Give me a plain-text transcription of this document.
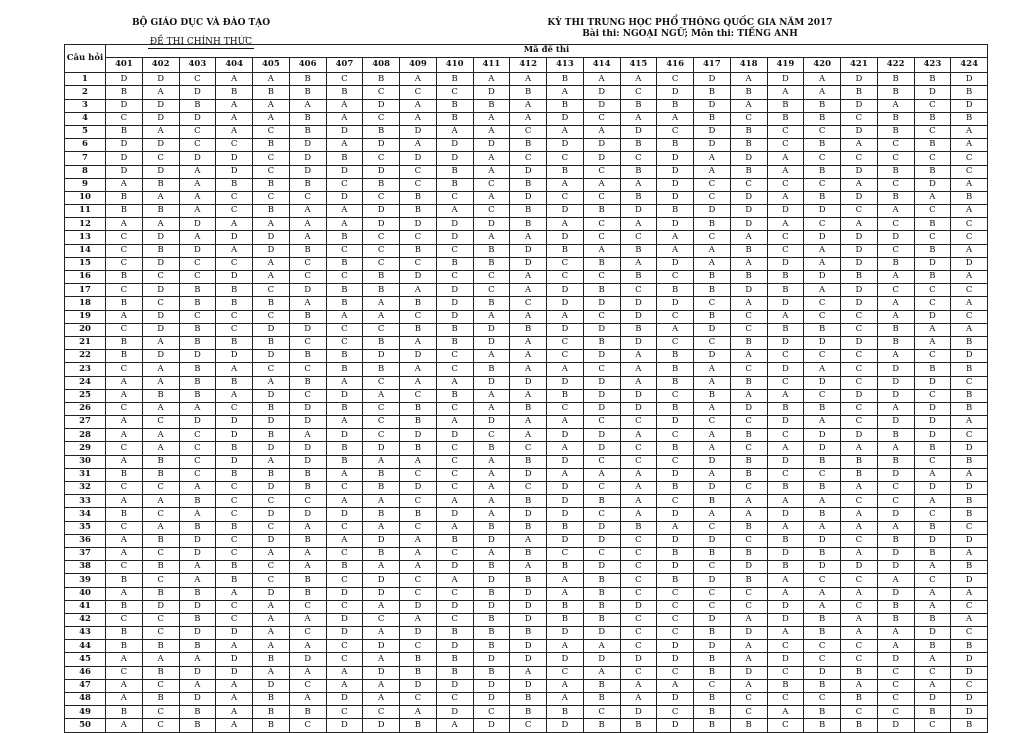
BỘ GIÁO DỤC VÀ ĐÀO TẠO
ĐỀ THI CHÍNH THỨC
KỲ THI TRUNG HỌC PHỔ THÔNG QUỐC GIA NĂM 2017
Bài thi: NGOẠI NGỮ; Môn thi: TIẾNG ANH
Câu hỏi	Mã đề thi																							
	401	402	403	404	405	406	407	408	409	410	411	412	413	414	415	416	417	418	419	420	421	422	423	424
1	D	D	C	A	A	B	C	B	A	B	A	A	B	A	A	C	D	A	D	A	D	B	B	D
2	B	A	D	B	B	B	B	C	C	C	D	B	A	D	C	D	B	B	A	A	B	B	D	B
3	D	D	B	A	A	A	A	D	A	B	B	A	B	D	B	B	D	A	B	B	D	A	C	D
4	C	D	D	A	A	B	A	C	A	B	A	A	D	C	A	A	B	C	B	B	C	B	B	B
5	B	A	C	A	C	B	D	B	D	A	A	C	A	A	D	C	D	B	C	C	D	B	C	A
6	D	D	C	C	B	D	A	D	A	D	D	B	D	D	B	B	D	B	C	B	A	C	B	A
7	D	C	D	D	C	D	B	C	D	D	A	C	C	D	C	D	A	D	A	C	C	C	C	C
8	D	D	A	D	C	D	D	D	C	B	A	D	B	C	B	D	A	B	A	B	D	B	B	C
9	A	B	A	B	B	B	C	B	C	B	C	B	A	A	A	D	C	C	C	C	A	C	D	A
10	B	A	A	C	C	C	D	C	B	C	A	D	C	C	B	D	C	D	A	B	D	B	A	B
11	B	B	A	C	B	A	A	D	B	A	C	B	D	B	D	B	D	D	D	D	C	A	C	A
12	A	A	D	A	A	A	A	D	D	D	D	B	A	C	A	D	B	D	A	C	A	C	B	C
13	C	D	A	D	D	A	B	C	C	D	A	A	D	C	C	A	C	A	C	D	D	D	C	C
14	C	B	D	A	D	B	C	C	B	C	B	D	B	A	B	A	A	B	C	A	D	C	B	A
15	C	D	C	C	A	C	B	C	C	B	B	D	C	B	A	D	A	A	D	A	D	B	D	D
16	B	C	C	D	A	C	C	B	D	C	C	A	C	C	B	C	B	B	B	D	B	A	B	A
17	C	D	B	B	C	D	B	B	A	D	C	A	D	B	C	B	B	D	B	A	D	C	C	C
18	B	C	B	B	B	A	B	A	B	D	B	C	D	D	D	D	C	A	D	C	D	A	C	A
19	A	D	C	C	C	B	A	A	C	D	A	A	A	C	D	C	B	C	A	C	C	A	D	C
20	C	D	B	C	D	D	C	C	B	B	D	B	D	D	B	A	D	C	B	B	C	B	A	A
21	B	A	B	B	B	C	C	B	A	B	D	A	C	B	D	C	C	B	D	D	D	B	A	B
22	B	D	D	D	D	B	B	D	D	C	A	A	C	D	A	B	D	A	C	C	C	A	C	D
23	C	A	B	A	C	C	B	B	A	C	B	A	A	C	A	B	A	C	D	A	C	D	B	B
24	A	A	B	B	A	B	A	C	A	A	D	D	D	D	A	B	A	B	C	D	C	D	D	C
25	A	B	B	A	D	C	D	A	C	B	A	A	B	D	D	C	B	A	A	C	D	D	C	B
26	C	A	A	C	B	D	B	C	B	C	A	B	C	D	D	B	A	D	B	B	C	A	D	B
27	A	C	D	D	D	D	A	C	B	A	D	A	A	C	C	D	C	C	D	A	C	D	D	A
28	A	A	C	D	B	A	D	C	D	D	C	A	D	D	A	C	A	B	C	D	D	B	D	C
29	C	A	C	B	D	D	B	D	B	C	B	C	A	D	C	B	A	C	A	D	A	A	B	D
30	A	B	C	D	A	D	B	A	A	C	A	B	D	C	C	C	D	B	D	B	B	B	C	B
31	B	B	C	B	B	B	A	B	C	C	A	D	A	A	A	D	A	B	C	C	B	D	A	A
32	C	C	A	C	D	B	C	B	D	C	A	C	D	C	A	B	D	C	B	B	A	C	D	D
33	A	A	B	C	C	C	A	A	C	A	A	B	D	B	A	C	B	A	A	A	C	C	A	B
34	B	C	A	C	D	D	D	B	B	D	A	D	D	C	A	D	A	A	D	B	A	D	C	B
35	C	A	B	B	C	A	C	A	C	A	B	B	B	D	B	A	C	B	A	A	A	A	B	C
36	A	B	D	C	D	B	A	D	A	B	D	A	D	D	C	D	D	C	B	D	C	B	D	D
37	A	C	D	C	A	A	C	B	A	C	A	B	C	C	C	B	B	B	D	B	A	D	B	A
38	C	B	A	B	C	A	B	A	A	D	B	A	B	D	C	D	C	D	B	D	D	D	A	B
39	B	C	A	B	C	B	C	D	C	A	D	B	A	B	C	B	D	B	A	C	C	A	C	D
40	A	B	B	A	D	B	D	D	C	C	B	D	A	B	C	C	C	C	A	A	A	D	A	A
41	B	D	D	C	A	C	C	A	D	D	D	D	B	B	D	C	C	C	D	A	C	B	A	C
42	C	C	B	C	A	A	D	C	A	C	B	D	B	B	C	C	D	A	D	B	A	B	B	A
43	B	C	D	D	A	C	D	A	D	B	B	B	D	D	C	C	B	D	A	B	A	A	D	C
44	B	B	B	A	A	A	C	D	C	D	B	D	A	A	C	D	D	A	C	C	C	A	B	B
45	A	A	A	D	B	D	C	A	B	B	D	D	D	D	D	D	B	A	D	C	C	D	A	D
46	C	B	D	D	A	A	A	D	B	B	B	A	C	A	C	C	B	D	C	D	B	C	C	D
47	A	C	A	A	D	C	A	A	D	D	D	D	A	B	A	A	C	A	B	B	A	C	A	C
48	A	B	D	A	B	A	D	A	C	C	D	B	A	B	A	D	B	C	C	C	B	C	D	D
49	B	C	B	A	B	B	C	C	A	D	C	B	B	C	D	C	B	C	A	B	C	C	B	D
50	A	C	B	A	B	C	D	D	B	A	D	C	D	B	B	D	B	B	C	B	B	D	C	B
